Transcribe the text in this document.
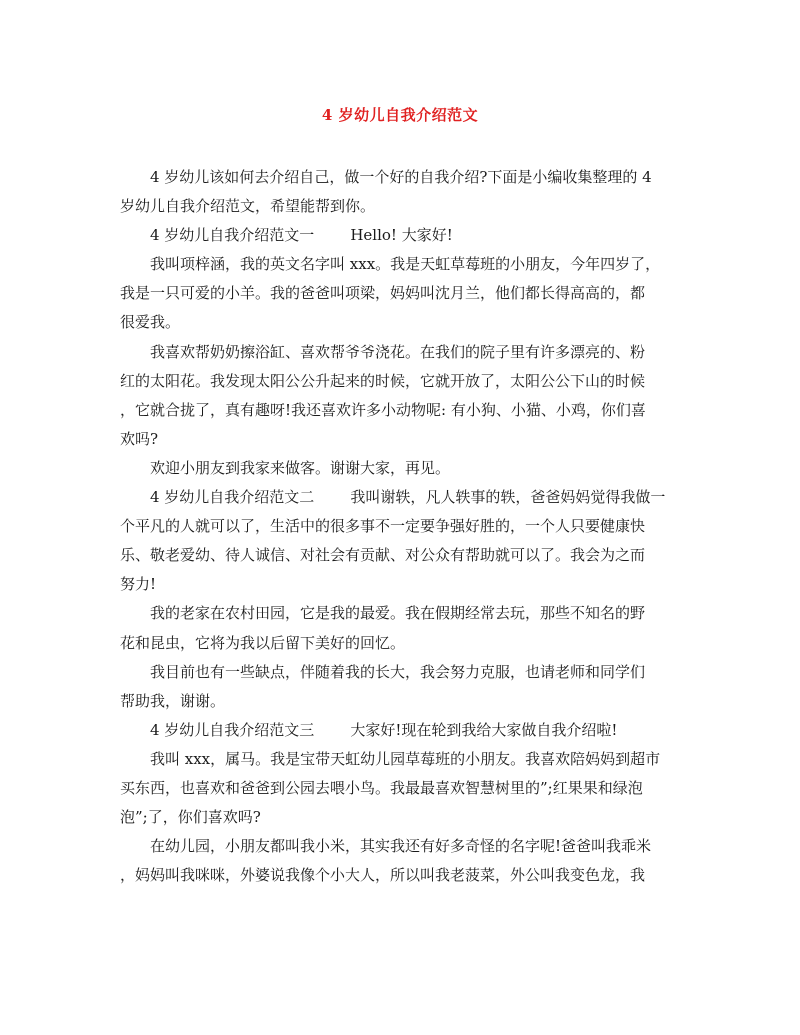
4 岁幼儿自我介绍范文
4 岁幼儿该如何去介绍自己，做一个好的自我介绍?下面是小编收集整理的 4
岁幼儿自我介绍范文，希望能帮到你。
4 岁幼儿自我介绍范文一 Hello! 大家好!
我叫项梓涵，我的英文名字叫 xxx。我是天虹草莓班的小朋友，今年四岁了，
我是一只可爱的小羊。我的爸爸叫项梁，妈妈叫沈月兰，他们都长得高高的，都
很爱我。
我喜欢帮奶奶擦浴缸、喜欢帮爷爷浇花。在我们的院子里有许多漂亮的、粉
红的太阳花。我发现太阳公公升起来的时候，它就开放了，太阳公公下山的时候
，它就合拢了，真有趣呀!我还喜欢许多小动物呢: 有小狗、小猫、小鸡，你们喜
欢吗?
欢迎小朋友到我家来做客。谢谢大家，再见。
4 岁幼儿自我介绍范文二 我叫谢轶，凡人轶事的轶，爸爸妈妈觉得我做一
个平凡的人就可以了，生活中的很多事不一定要争强好胜的，一个人只要健康快
乐、敬老爱幼、待人诚信、对社会有贡献、对公众有帮助就可以了。我会为之而
努力!
我的老家在农村田园，它是我的最爱。我在假期经常去玩，那些不知名的野
花和昆虫，它将为我以后留下美好的回忆。
我目前也有一些缺点，伴随着我的长大，我会努力克服，也请老师和同学们
帮助我，谢谢。
4 岁幼儿自我介绍范文三 大家好!现在轮到我给大家做自我介绍啦!
我叫 xxx，属马。我是宝带天虹幼儿园草莓班的小朋友。我喜欢陪妈妈到超市
买东西，也喜欢和爸爸到公园去喂小鸟。我最最喜欢智慧树里的”;红果果和绿泡
泡”;了，你们喜欢吗?
在幼儿园，小朋友都叫我小米，其实我还有好多奇怪的名字呢!爸爸叫我乖米
，妈妈叫我咪咪，外婆说我像个小大人，所以叫我老菠菜，外公叫我变色龙，我
